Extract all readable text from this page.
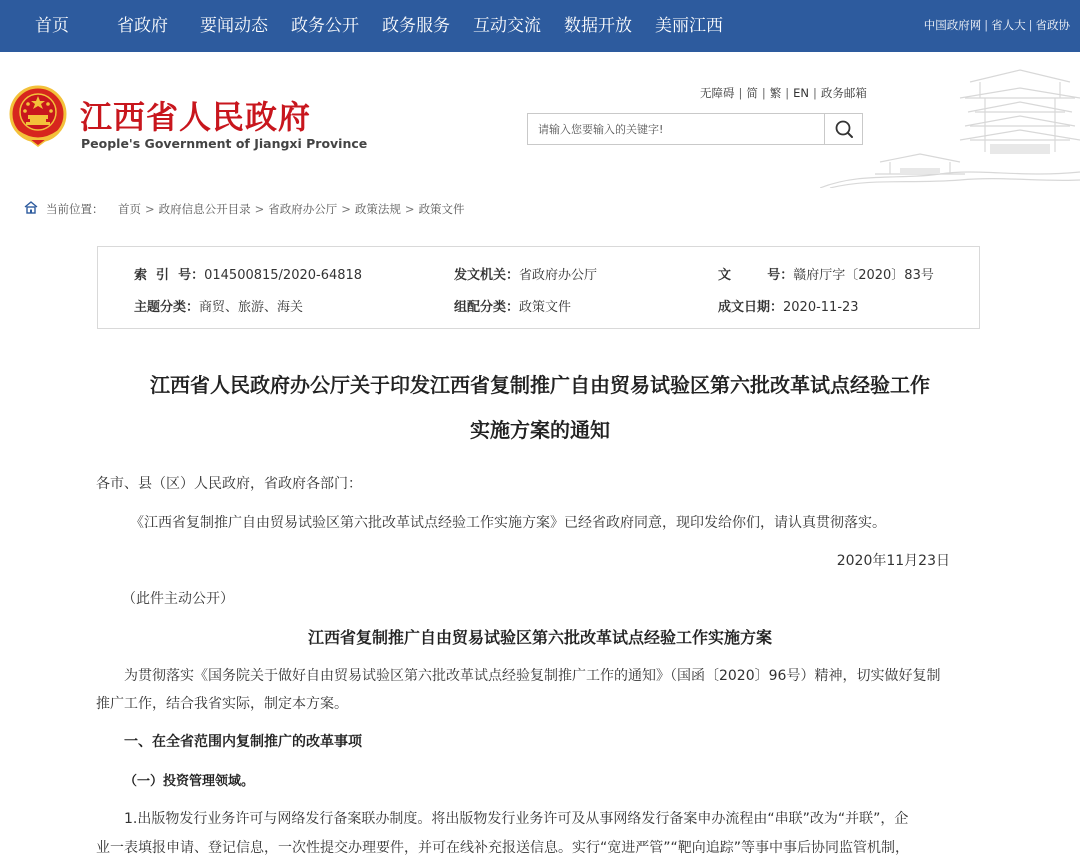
首页	省政府 要闻动态 政务公开 政务服务 互动交流 数据开放 美丽江西	中国政府网 | 省人大 | 省政协
江西省人民政府
People's Government of Jiangxi Province
无障碍 | 简 | 繁 | EN | 政务邮箱
请输入您要输入的关键字!
当前位置： 首页 > 政府信息公开目录 > 省政府办公厅 > 政策法规 > 政策文件
索  引  号：014500815/2020-64818	发文机关：省政府办公厅	文        号：赣府厅字〔2020〕83号
主题分类：商贸、旅游、海关	组配分类：政策文件	成文日期：2020-11-23
江西省人民政府办公厅关于印发江西省复制推广自由贸易试验区第六批改革试点经验工作
实施方案的通知
各市、县（区）人民政府，省政府各部门：
《江西省复制推广自由贸易试验区第六批改革试点经验工作实施方案》已经省政府同意，现印发给你们，请认真贯彻落实。
2020年11月23日
（此件主动公开）
江西省复制推广自由贸易试验区第六批改革试点经验工作实施方案
为贯彻落实《国务院关于做好自由贸易试验区第六批改革试点经验复制推广工作的通知》（国函〔2020〕96号）精神，切实做好复制
推广工作，结合我省实际，制定本方案。
一、在全省范围内复制推广的改革事项
（一）投资管理领域。
1.出版物发行业务许可与网络发行备案联办制度。将出版物发行业务许可及从事网络发行备案申办流程由“串联”改为“并联”，企
业一表填报申请、登记信息，一次性提交办理要件，并可在线补充报送信息。实行“宽进严管”“靶向追踪”等事中事后协同监管机制，
